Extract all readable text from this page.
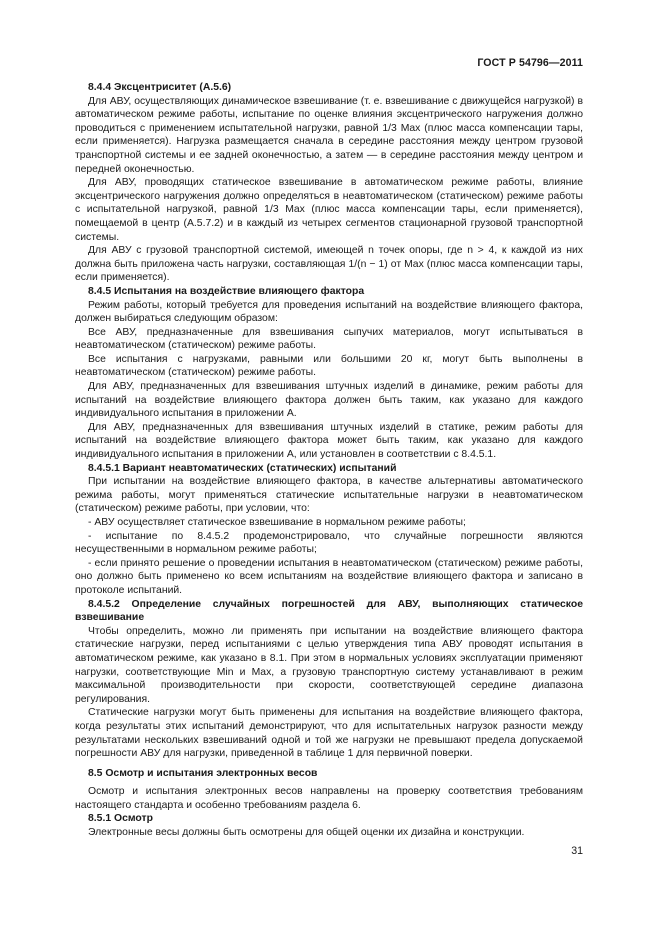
ГОСТ Р 54796—2011
8.4.4 Эксцентриситет (А.5.6)
Для АВУ, осуществляющих динамическое взвешивание (т. е. взвешивание с движущейся нагрузкой) в автоматическом режиме работы, испытание по оценке влияния эксцентрического нагружения должно проводиться с применением испытательной нагрузки, равной 1/3 Max (плюс масса компенсации тары, если применяется). Нагрузка размещается сначала в середине расстояния между центром грузовой транспортной системы и ее задней оконечностью, а затем — в середине расстояния между центром и передней оконечностью.
Для АВУ, проводящих статическое взвешивание в автоматическом режиме работы, влияние эксцентрического нагружения должно определяться в неавтоматическом (статическом) режиме работы с испытательной нагрузкой, равной 1/3 Max (плюс масса компенсации тары, если применяется), помещаемой в центр (А.5.7.2) и в каждый из четырех сегментов стационарной грузовой транспортной системы.
Для АВУ с грузовой транспортной системой, имеющей n точек опоры, где n > 4, к каждой из них должна быть приложена часть нагрузки, составляющая 1/(n − 1) от Max (плюс масса компенсации тары, если применяется).
8.4.5 Испытания на воздействие влияющего фактора
Режим работы, который требуется для проведения испытаний на воздействие влияющего фактора, должен выбираться следующим образом:
Все АВУ, предназначенные для взвешивания сыпучих материалов, могут испытываться в неавтоматическом (статическом) режиме работы.
Все испытания с нагрузками, равными или большими 20 кг, могут быть выполнены в неавтоматическом (статическом) режиме работы.
Для АВУ, предназначенных для взвешивания штучных изделий в динамике, режим работы для испытаний на воздействие влияющего фактора должен быть таким, как указано для каждого индивидуального испытания в приложении А.
Для АВУ, предназначенных для взвешивания штучных изделий в статике, режим работы для испытаний на воздействие влияющего фактора может быть таким, как указано для каждого индивидуального испытания в приложении А, или установлен в соответствии с 8.4.5.1.
8.4.5.1 Вариант неавтоматических (статических) испытаний
При испытании на воздействие влияющего фактора, в качестве альтернативы автоматического режима работы, могут применяться статические испытательные нагрузки в неавтоматическом (статическом) режиме работы, при условии, что:
- АВУ осуществляет статическое взвешивание в нормальном режиме работы;
- испытание по 8.4.5.2 продемонстрировало, что случайные погрешности являются несущественными в нормальном режиме работы;
- если принято решение о проведении испытания в неавтоматическом (статическом) режиме работы, оно должно быть применено ко всем испытаниям на воздействие влияющего фактора и записано в протоколе испытаний.
8.4.5.2 Определение случайных погрешностей для АВУ, выполняющих статическое взвешивание
Чтобы определить, можно ли применять при испытании на воздействие влияющего фактора статические нагрузки, перед испытаниями с целью утверждения типа АВУ проводят испытания в автоматическом режиме, как указано в 8.1. При этом в нормальных условиях эксплуатации применяют нагрузки, соответствующие Min и Max, а грузовую транспортную систему устанавливают в режим максимальной производительности при скорости, соответствующей середине диапазона регулирования.
Статические нагрузки могут быть применены для испытания на воздействие влияющего фактора, когда результаты этих испытаний демонстрируют, что для испытательных нагрузок разности между результатами нескольких взвешиваний одной и той же нагрузки не превышают предела допускаемой погрешности АВУ для нагрузки, приведенной в таблице 1 для первичной поверки.
8.5 Осмотр и испытания электронных весов
Осмотр и испытания электронных весов направлены на проверку соответствия требованиям настоящего стандарта и особенно требованиям раздела 6.
8.5.1 Осмотр
Электронные весы должны быть осмотрены для общей оценки их дизайна и конструкции.
31
